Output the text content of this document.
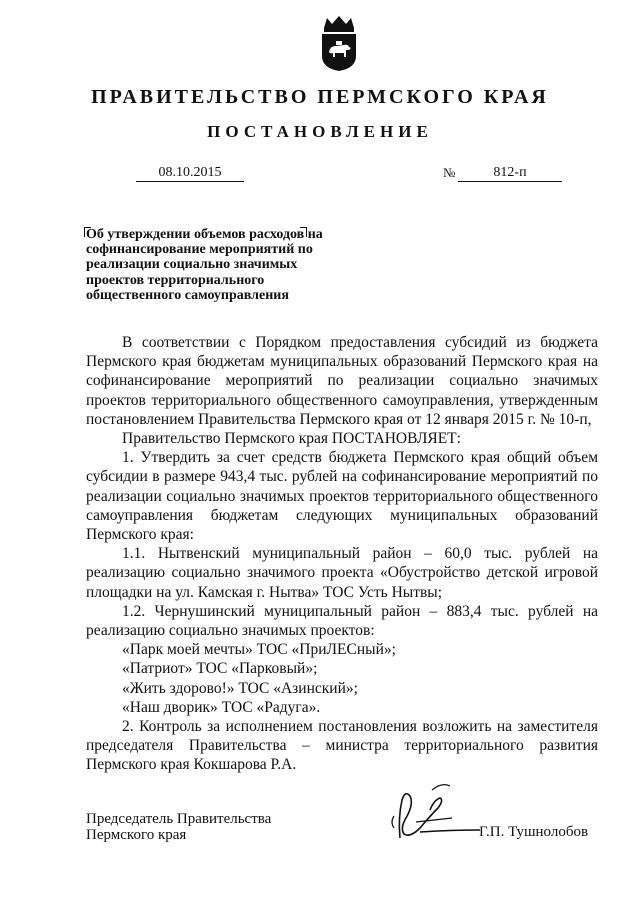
ПРАВИТЕЛЬСТВО ПЕРМСКОГО КРАЯ
ПОСТАНОВЛЕНИЕ
08.10.2015	№	812-п
Об утверждении объемов расходов на софинансирование мероприятий по реализации социально значимых проектов территориального общественного самоуправления

В соответствии с Порядком предоставления субсидий из бюджета Пермского края бюджетам муниципальных образований Пермского края на софинансирование мероприятий по реализации социально значимых проектов территориального общественного самоуправления, утвержденным постановлением Правительства Пермского края от 12 января 2015 г. № 10-п,

Правительство Пермского края ПОСТАНОВЛЯЕТ:

1. Утвердить за счет средств бюджета Пермского края общий объем субсидии в размере 943,4 тыс. рублей на софинансирование мероприятий по реализации социально значимых проектов территориального общественного самоуправления бюджетам следующих муниципальных образований Пермского края:

1.1. Нытвенский муниципальный район – 60,0 тыс. рублей на реализацию социально значимого проекта «Обустройство детской игровой площадки на ул. Камская г. Нытва» ТОС Усть Нытвы;

1.2. Чернушинский муниципальный район – 883,4 тыс. рублей на реализацию социально значимых проектов:

«Парк моей мечты» ТОС «ПриЛЕСный»;

«Патриот» ТОС «Парковый»;

«Жить здорово!» ТОС «Азинский»;

«Наш дворик» ТОС «Радуга».

2. Контроль за исполнением постановления возложить на заместителя председателя Правительства – министра территориального развития Пермского края Кокшарова Р.А.

Председатель Правительства
Пермского края	Г.П. Тушнолобов
